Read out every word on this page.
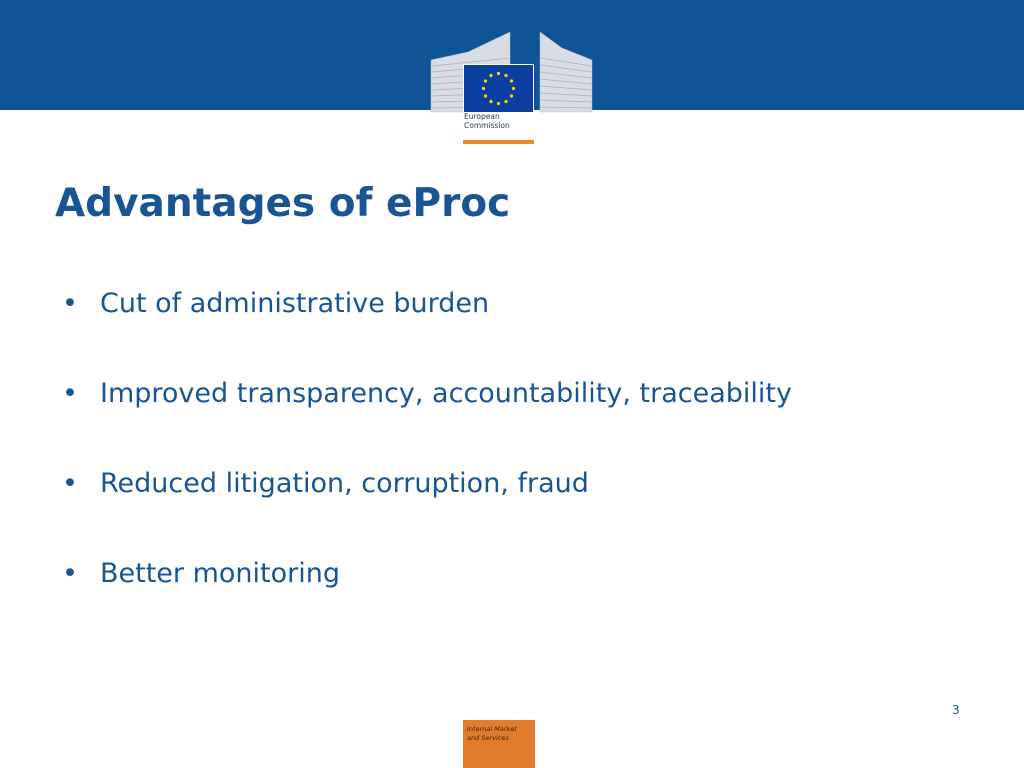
European
Commission
Advantages of eProc
• Cut of administrative burden
• Improved transparency, accountability, traceability
• Reduced litigation, corruption, fraud
• Better monitoring
3
Internal Market
and Services
